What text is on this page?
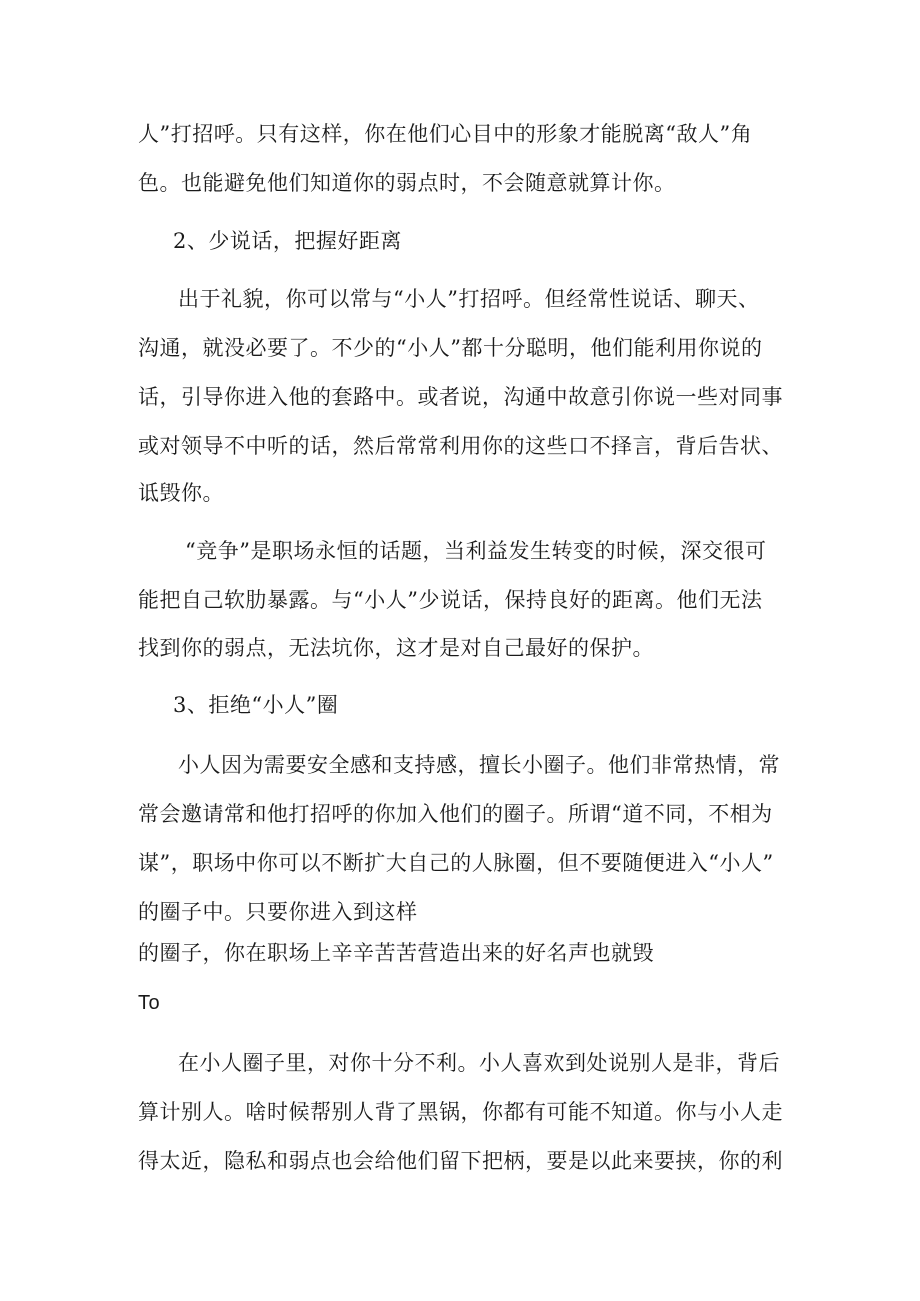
人”打招呼。只有这样，你在他们心目中的形象才能脱离“敌人”角
色。也能避免他们知道你的弱点时，不会随意就算计你。
2、少说话，把握好距离
出于礼貌，你可以常与“小人”打招呼。但经常性说话、聊天、
沟通，就没必要了。不少的“小人”都十分聪明，他们能利用你说的
话，引导你进入他的套路中。或者说，沟通中故意引你说一些对同事
或对领导不中听的话，然后常常利用你的这些口不择言，背后告状、
诋毁你。
“竞争”是职场永恒的话题，当利益发生转变的时候，深交很可
能把自己软肋暴露。与“小人”少说话，保持良好的距离。他们无法
找到你的弱点，无法坑你，这才是对自己最好的保护。
3、拒绝“小人”圈
小人因为需要安全感和支持感，擅长小圈子。他们非常热情，常
常会邀请常和他打招呼的你加入他们的圈子。所谓“道不同，不相为
谋”，职场中你可以不断扩大自己的人脉圈，但不要随便进入“小人”
的圈子中。只要你进入到这样
的圈子，你在职场上辛辛苦苦营造出来的好名声也就毁
To
在小人圈子里，对你十分不利。小人喜欢到处说别人是非，背后
算计别人。啥时候帮别人背了黑锅，你都有可能不知道。你与小人走
得太近，隐私和弱点也会给他们留下把柄，要是以此来要挟，你的利
